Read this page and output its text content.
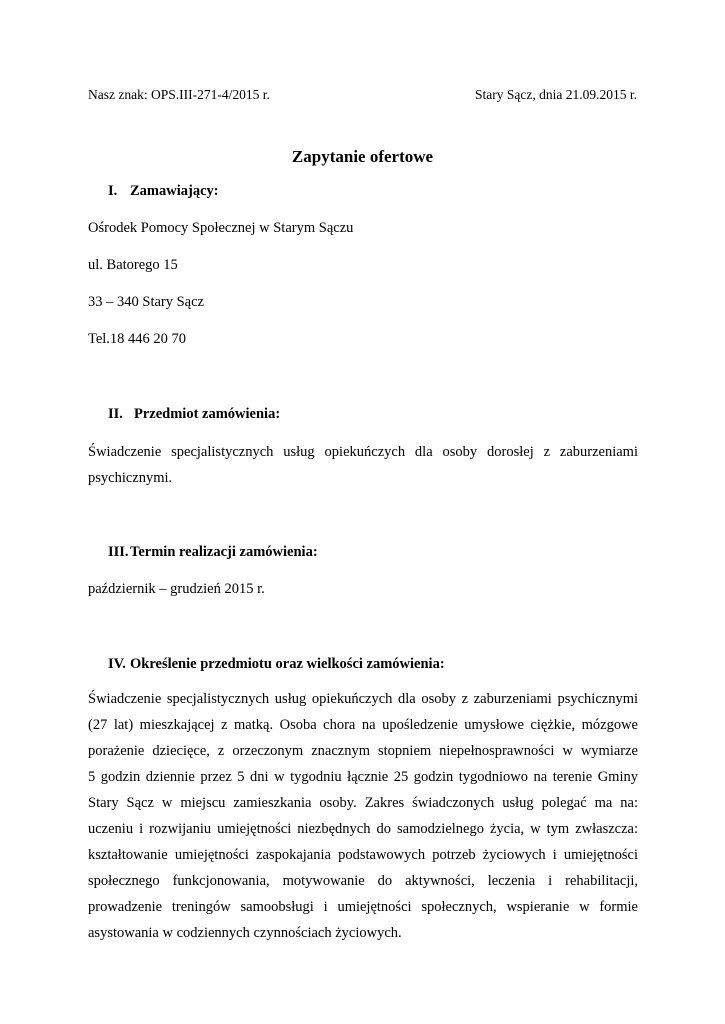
Nasz znak: OPS.III-271-4/2015 r.	Stary Sącz, dnia 21.09.2015 r.
Zapytanie ofertowe
I. Zamawiający:
Ośrodek Pomocy Społecznej w Starym Sączu
ul. Batorego 15
33 – 340 Stary Sącz
Tel.18 446 20 70
II. Przedmiot zamówienia:
Świadczenie specjalistycznych usług opiekuńczych dla osoby dorosłej z zaburzeniami
psychicznymi.
III.Termin realizacji zamówienia:
październik – grudzień 2015 r.
IV. Określenie przedmiotu oraz wielkości zamówienia:
Świadczenie specjalistycznych usług opiekuńczych dla osoby z zaburzeniami psychicznymi
(27 lat) mieszkającej z matką. Osoba chora na upośledzenie umysłowe ciężkie, mózgowe
porażenie dziecięce, z orzeczonym znacznym stopniem niepełnosprawności w wymiarze
5 godzin dziennie przez 5 dni w tygodniu łącznie 25 godzin tygodniowo na terenie Gminy
Stary Sącz w miejscu zamieszkania osoby. Zakres świadczonych usług polegać ma na:
uczeniu i rozwijaniu umiejętności niezbędnych do samodzielnego życia, w tym zwłaszcza:
kształtowanie umiejętności zaspokajania podstawowych potrzeb życiowych i umiejętności
społecznego funkcjonowania, motywowanie do aktywności, leczenia i rehabilitacji,
prowadzenie treningów samoobsługi i umiejętności społecznych, wspieranie w formie
asystowania w codziennych czynnościach życiowych.
